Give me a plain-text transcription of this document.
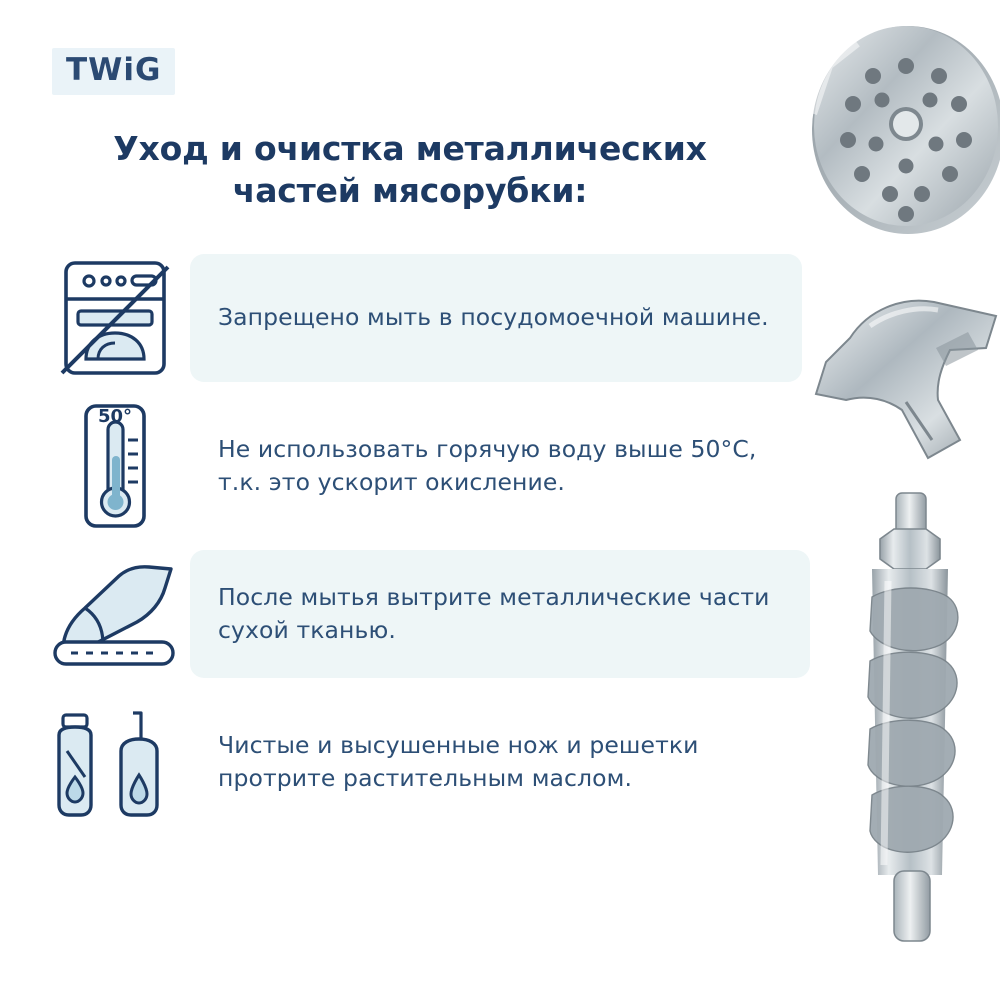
TWiG
Уход и очистка металлических
частей мясорубки:
Запрещено мыть в посудомоечной машине.
50°
Не использовать горячую воду выше 50°C, т.к. это ускорит окисление.
После мытья вытрите металлические части сухой тканью.
Чистые и высушенные нож и решетки протрите растительным маслом.
